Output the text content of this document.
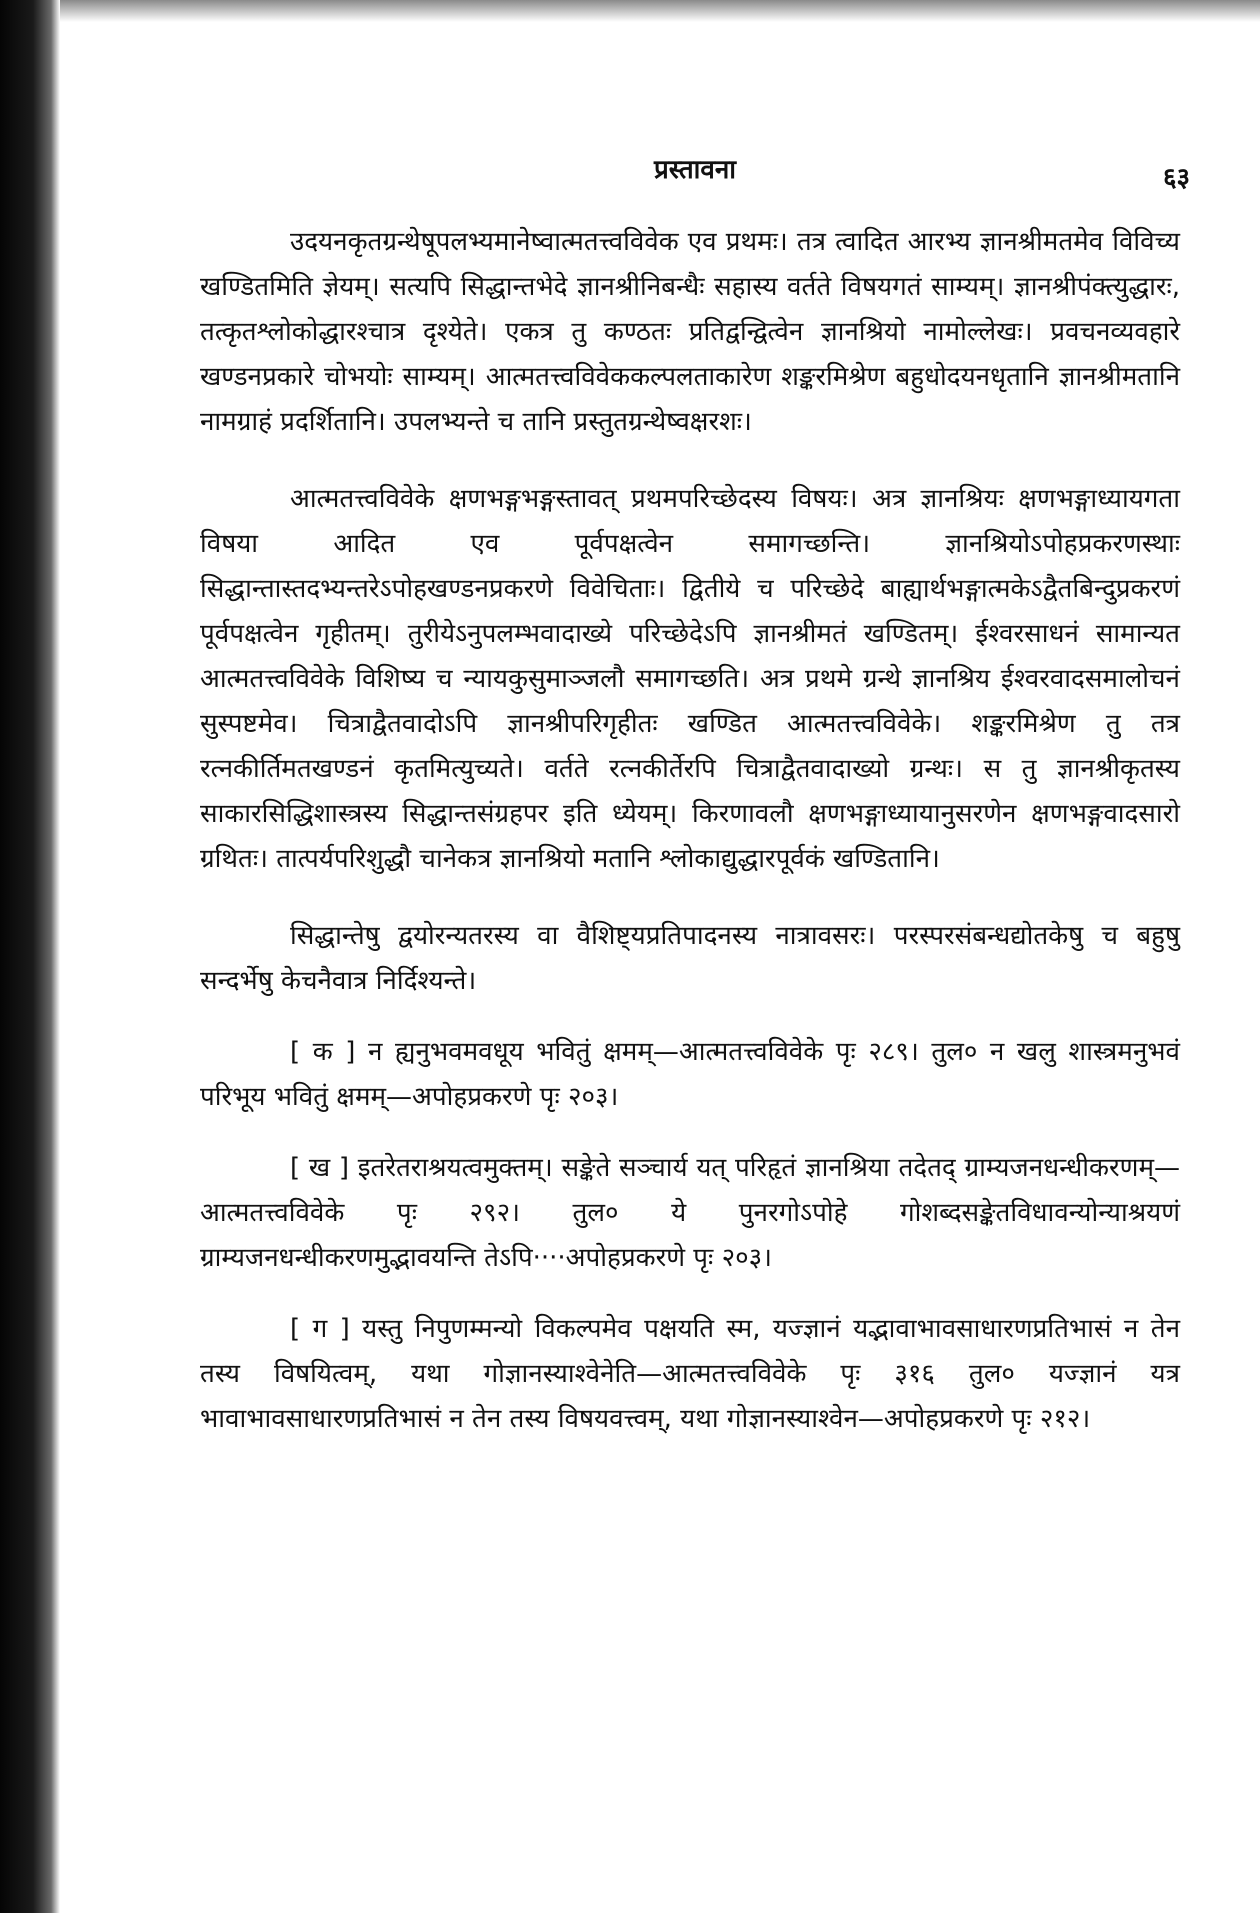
प्रस्तावना	६३

उदयनकृतग्रन्थेषूपलभ्यमानेष्वात्मतत्त्वविवेक एव प्रथमः। तत्र त्वादित आरभ्य ज्ञानश्रीमतमेव विविच्य खण्डितमिति ज्ञेयम्। सत्यपि सिद्धान्तभेदे ज्ञानश्रीनिबन्धैः सहास्य वर्तते विषयगतं साम्यम्। ज्ञानश्रीपंक्त्युद्धारः, तत्कृतश्लोकोद्धारश्चात्र दृश्येते। एकत्र तु कण्ठतः प्रतिद्वन्द्वित्वेन ज्ञानश्रियो नामोल्लेखः। प्रवचनव्यवहारे खण्डनप्रकारे चोभयोः साम्यम्। आत्मतत्त्वविवेककल्पलताकारेण शङ्करमिश्रेण बहुधोदयनधृतानि ज्ञानश्रीमतानि नामग्राहं प्रदर्शितानि। उपलभ्यन्ते च तानि प्रस्तुतग्रन्थेष्वक्षरशः।

आत्मतत्त्वविवेके क्षणभङ्गभङ्गस्तावत् प्रथमपरिच्छेदस्य विषयः। अत्र ज्ञानश्रियः क्षणभङ्गाध्यायगता विषया आदित एव पूर्वपक्षत्वेन समागच्छन्ति। ज्ञानश्रियोऽपोहप्रकरणस्थाः सिद्धान्तास्तदभ्यन्तरेऽपोहखण्डनप्रकरणे विवेचिताः। द्वितीये च परिच्छेदे बाह्यार्थभङ्गात्मकेऽद्वैतबिन्दुप्रकरणं पूर्वपक्षत्वेन गृहीतम्। तुरीयेऽनुपलम्भवादाख्ये परिच्छेदेऽपि ज्ञानश्रीमतं खण्डितम्। ईश्वरसाधनं सामान्यत आत्मतत्त्वविवेके विशिष्य च न्यायकुसुमाञ्जलौ समागच्छति। अत्र प्रथमे ग्रन्थे ज्ञानश्रिय ईश्वरवादसमालोचनं सुस्पष्टमेव। चित्राद्वैतवादोऽपि ज्ञानश्रीपरिगृहीतः खण्डित आत्मतत्त्वविवेके। शङ्करमिश्रेण तु तत्र रत्नकीर्तिमतखण्डनं कृतमित्युच्यते। वर्तते रत्नकीर्तेरपि चित्राद्वैतवादाख्यो ग्रन्थः। स तु ज्ञानश्रीकृतस्य साकारसिद्धिशास्त्रस्य सिद्धान्तसंग्रहपर इति ध्येयम्। किरणावलौ क्षणभङ्गाध्यायानुसरणेन क्षणभङ्गवादसारो ग्रथितः। तात्पर्यपरिशुद्धौ चानेकत्र ज्ञानश्रियो मतानि श्लोकाद्युद्धारपूर्वकं खण्डितानि।

सिद्धान्तेषु द्वयोरन्यतरस्य वा वैशिष्ट्यप्रतिपादनस्य नात्रावसरः। परस्परसंबन्धद्योतकेषु च बहुषु सन्दर्भेषु केचनैवात्र निर्दिश्यन्ते।

[ क ] न ह्यनुभवमवधूय भवितुं क्षमम्—आत्मतत्त्वविवेके पृः २८९। तुल० न खलु शास्त्रमनुभवं परिभूय भवितुं क्षमम्—अपोहप्रकरणे पृः २०३।

[ ख ] इतरेतराश्रयत्वमुक्तम्। सङ्केते सञ्चार्य यत् परिहृतं ज्ञानश्रिया तदेतद् ग्राम्यजनधन्धीकरणम्— आत्मतत्त्वविवेके पृः २९२। तुल० ये पुनरगोऽपोहे गोशब्दसङ्केतविधावन्योन्याश्रयणं ग्राम्यजनधन्धीकरणमुद्भावयन्ति तेऽपि····अपोहप्रकरणे पृः २०३।

[ ग ] यस्तु निपुणम्मन्यो विकल्पमेव पक्षयति स्म, यज्ज्ञानं यद्भावाभावसाधारणप्रतिभासं न तेन तस्य विषयित्वम्, यथा गोज्ञानस्याश्वेनेति—आत्मतत्त्वविवेके पृः ३१६ तुल० यज्ज्ञानं यत्र भावाभावसाधारणप्रतिभासं न तेन तस्य विषयवत्त्वम्, यथा गोज्ञानस्याश्वेन—अपोहप्रकरणे पृः २१२।
